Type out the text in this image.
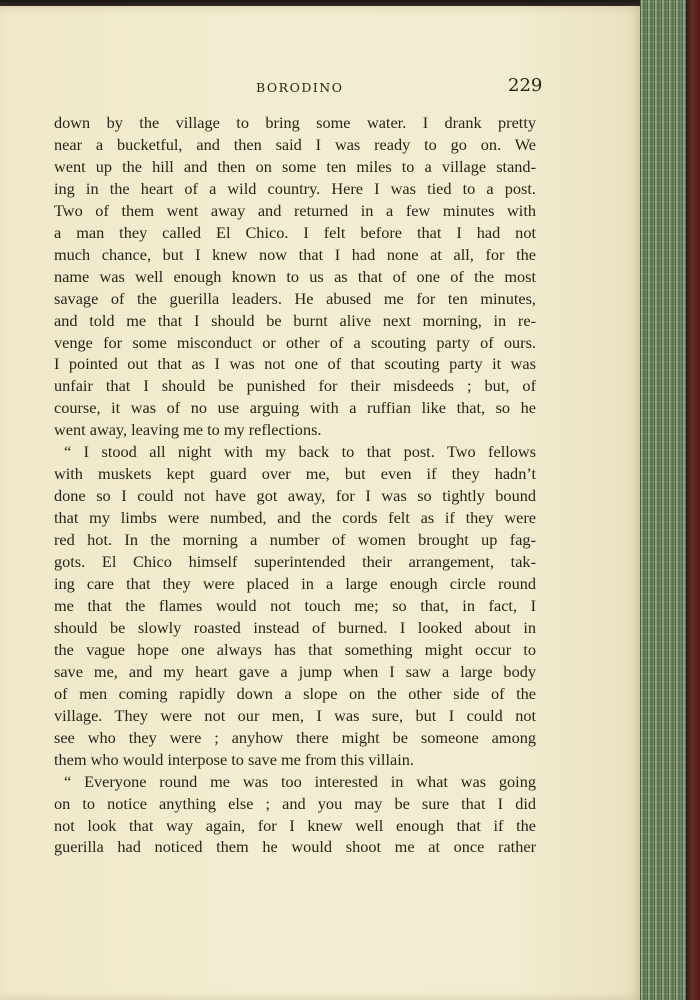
BORODINO	229
down by the village to bring some water. I drank pretty
near a bucketful, and then said I was ready to go on. We
went up the hill and then on some ten miles to a village stand-
ing in the heart of a wild country. Here I was tied to a post.
Two of them went away and returned in a few minutes with
a man they called El Chico. I felt before that I had not
much chance, but I knew now that I had none at all, for the
name was well enough known to us as that of one of the most
savage of the guerilla leaders. He abused me for ten minutes,
and told me that I should be burnt alive next morning, in re-
venge for some misconduct or other of a scouting party of ours.
I pointed out that as I was not one of that scouting party it was
unfair that I should be punished for their misdeeds ; but, of
course, it was of no use arguing with a ruffian like that, so he
went away, leaving me to my reflections.
“ I stood all night with my back to that post. Two fellows
with muskets kept guard over me, but even if they hadn’t
done so I could not have got away, for I was so tightly bound
that my limbs were numbed, and the cords felt as if they were
red hot. In the morning a number of women brought up fag-
gots. El Chico himself superintended their arrangement, tak-
ing care that they were placed in a large enough circle round
me that the flames would not touch me; so that, in fact, I
should be slowly roasted instead of burned. I looked about in
the vague hope one always has that something might occur to
save me, and my heart gave a jump when I saw a large body
of men coming rapidly down a slope on the other side of the
village. They were not our men, I was sure, but I could not
see who they were ; anyhow there might be someone among
them who would interpose to save me from this villain.
“ Everyone round me was too interested in what was going
on to notice anything else ; and you may be sure that I did
not look that way again, for I knew well enough that if the
guerilla had noticed them he would shoot me at once rather
